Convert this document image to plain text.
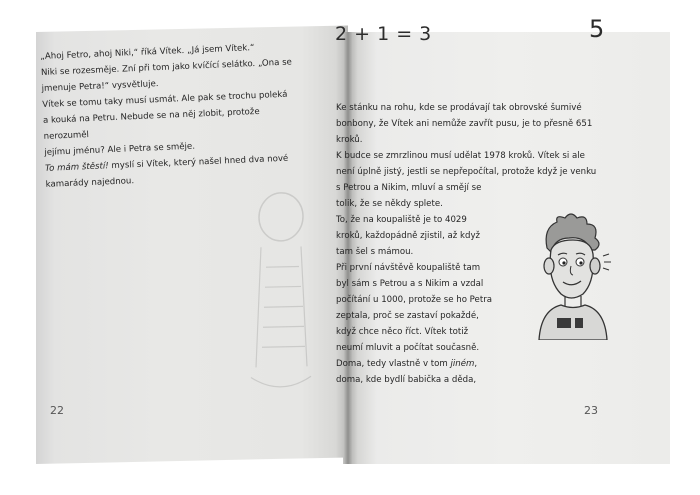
„Ahoj Fetro, ahoj Niki,“ říká Vítek. „Já jsem Vítek.“

Niki se rozesměje. Zní při tom jako kvíčící selátko. „Ona se

jmenuje Petra!“ vysvětluje.

Vítek se tomu taky musí usmát. Ale pak se trochu poleká

a kouká na Petru. Nebude se na něj zlobit, protože nerozuměl

jejímu jménu? Ale i Petra se směje.

To mám štěstí! myslí si Vítek, který našel hned dva nové

kamarády najednou.

22
2 + 1 = 3	5

Ke stánku na rohu, kde se prodávají tak obrovské šumivé

bonbony, že Vítek ani nemůže zavřít pusu, je to přesně 651

kroků.

K budce se zmrzlinou musí udělat 1978 kroků. Vítek si ale

není úplně jistý, jestli se nepřepočítal, protože když je venku

s Petrou a Nikim, mluví a smějí se

tolik, že se někdy splete.

To, že na koupaliště je to 4029

kroků, každopádně zjistil, až když

tam šel s mámou.

Při první návštěvě koupaliště tam

byl sám s Petrou a s Nikim a vzdal

počítání u 1000, protože se ho Petra

zeptala, proč se zastaví pokaždé,

když chce něco říct. Vítek totiž

neumí mluvit a počítat současně.

Doma, tedy vlastně v tom jiném,

doma, kde bydlí babička a děda,

23
